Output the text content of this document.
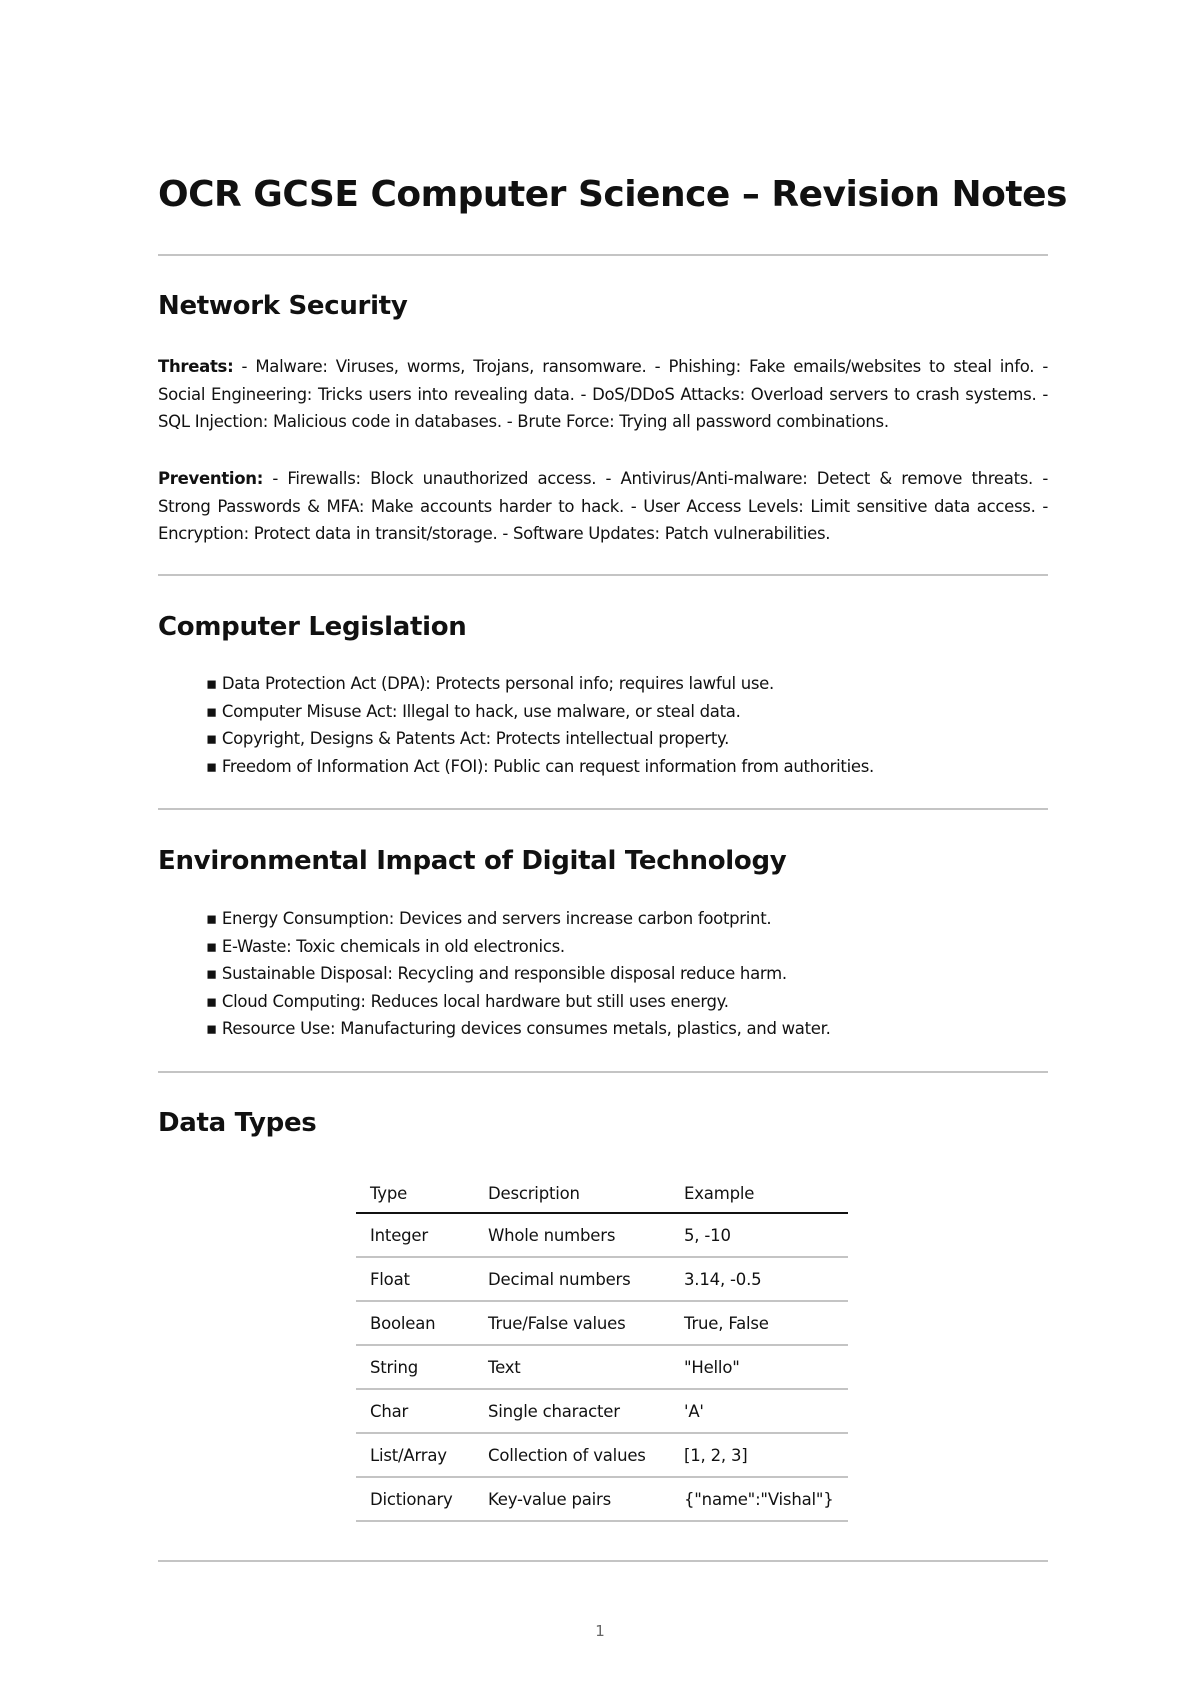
OCR GCSE Computer Science – Revision Notes
Network Security

Threats: - Malware: Viruses, worms, Trojans, ransomware. - Phishing: Fake emails/websites to steal info. - Social Engineering: Tricks users into revealing data. - DoS/DDoS Attacks: Overload servers to crash systems. - SQL Injection: Malicious code in databases. - Brute Force: Trying all password combinations.

Prevention: - Firewalls: Block unauthorized access. - Antivirus/Anti-malware: Detect & remove threats. - Strong Passwords & MFA: Make accounts harder to hack. - User Access Levels: Limit sensitive data access. - Encryption: Protect data in transit/storage. - Software Updates: Patch vulnerabilities.

Computer Legislation
▪ Data Protection Act (DPA): Protects personal info; requires lawful use.
▪ Computer Misuse Act: Illegal to hack, use malware, or steal data.
▪ Copyright, Designs & Patents Act: Protects intellectual property.
▪ Freedom of Information Act (FOI): Public can request information from authorities.
Environmental Impact of Digital Technology
▪ Energy Consumption: Devices and servers increase carbon footprint.
▪ E-Waste: Toxic chemicals in old electronics.
▪ Sustainable Disposal: Recycling and responsible disposal reduce harm.
▪ Cloud Computing: Reduces local hardware but still uses energy.
▪ Resource Use: Manufacturing devices consumes metals, plastics, and water.
Data Types
Type	Description	Example
Integer	Whole numbers	5, -10
Float	Decimal numbers	3.14, -0.5
Boolean	True/False values	True, False
String	Text	"Hello"
Char	Single character	'A'
List/Array	Collection of values	[1, 2, 3]
Dictionary	Key-value pairs	{"name":"Vishal"}
1
